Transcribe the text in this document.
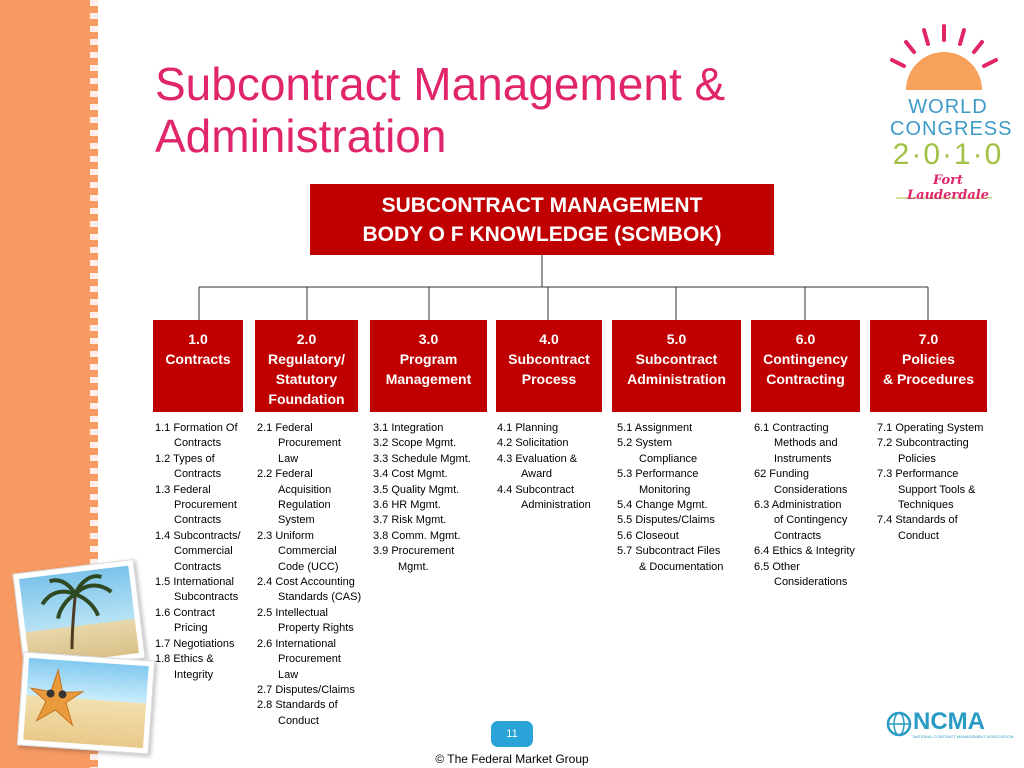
Subcontract Management &
Administration
WORLD
CONGRESS
2·0·1·0
Fort Lauderdale
SUBCONTRACT MANAGEMENT
BODY O F KNOWLEDGE (SCMBOK)
1.0
Contracts
2.0
Regulatory/
Statutory
Foundation
3.0
Program
Management
4.0
Subcontract
Process
5.0
Subcontract
Administration
6.0
Contingency
Contracting
7.0
Policies
& Procedures
1.1 Formation Of
Contracts
1.2 Types of
Contracts
1.3 Federal
Procurement
Contracts
1.4 Subcontracts/
Commercial
Contracts
1.5 International
Subcontracts
1.6 Contract
Pricing
1.7 Negotiations
1.8 Ethics &
Integrity
2.1 Federal
Procurement
Law
2.2 Federal
Acquisition
Regulation
System
2.3 Uniform
Commercial
Code (UCC)
2.4 Cost Accounting
Standards (CAS)
2.5 Intellectual
Property Rights
2.6 International
Procurement
Law
2.7 Disputes/Claims
2.8 Standards of
Conduct
3.1 Integration
3.2 Scope Mgmt.
3.3 Schedule Mgmt.
3.4 Cost Mgmt.
3.5 Quality Mgmt.
3.6 HR Mgmt.
3.7 Risk Mgmt.
3.8 Comm. Mgmt.
3.9 Procurement
Mgmt.
4.1 Planning
4.2 Solicitation
4.3 Evaluation &
Award
4.4 Subcontract
Administration
5.1 Assignment
5.2 System
Compliance
5.3 Performance
Monitoring
5.4 Change Mgmt.
5.5 Disputes/Claims
5.6 Closeout
5.7 Subcontract Files
& Documentation
6.1 Contracting
Methods and
Instruments
62 Funding
Considerations
6.3 Administration
of Contingency
Contracts
6.4 Ethics & Integrity
6.5 Other
Considerations
7.1 Operating System
7.2 Subcontracting
Policies
7.3 Performance
Support Tools &
Techniques
7.4 Standards of
Conduct
11
© The Federal Market Group
NCMA
NATIONAL CONTRACT MANAGEMENT ASSOCIATION
